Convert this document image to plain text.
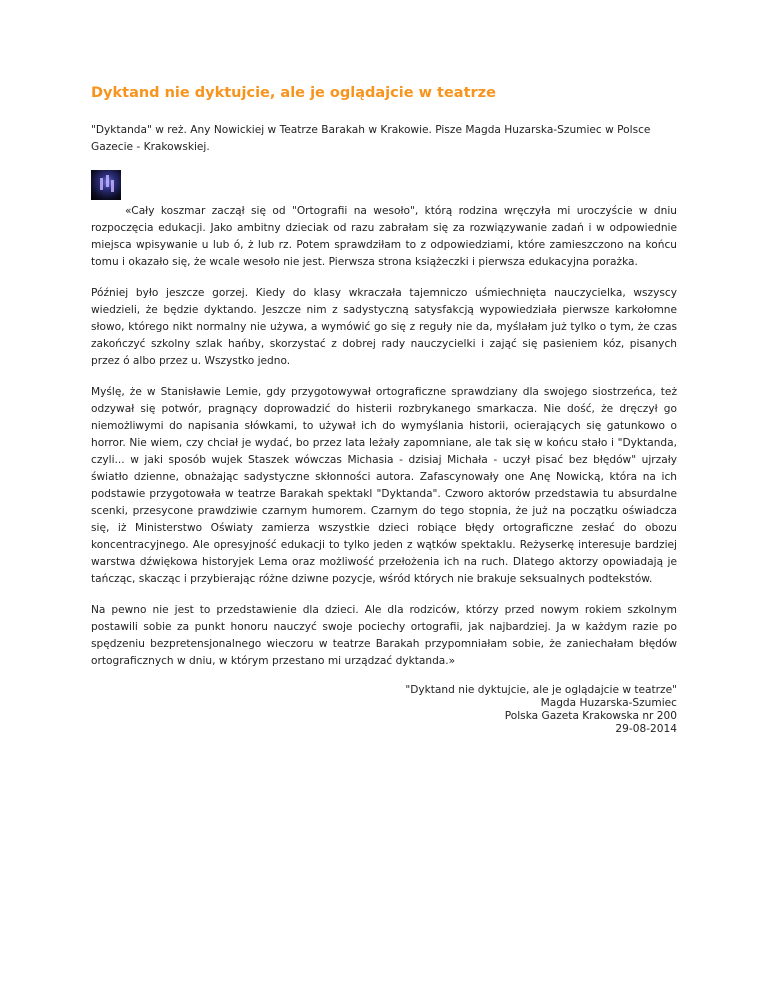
Dyktand nie dyktujcie, ale je oglądajcie w teatrze
"Dyktanda" w reż. Any Nowickiej w Teatrze Barakah w Krakowie. Pisze Magda Huzarska-Szumiec w Polsce Gazecie - Krakowskiej.

«Cały koszmar zaczął się od "Ortografii na wesoło", którą rodzina wręczyła mi uroczyście w dniu rozpoczęcia edukacji. Jako ambitny dzieciak od razu zabrałam się za rozwiązywanie zadań i w odpowiednie miejsca wpisywanie u lub ó, ż lub rz. Potem sprawdziłam to z odpowiedziami, które zamieszczono na końcu tomu i okazało się, że wcale wesoło nie jest. Pierwsza strona książeczki i pierwsza edukacyjna porażka.

Później było jeszcze gorzej. Kiedy do klasy wkraczała tajemniczo uśmiechnięta nauczycielka, wszyscy wiedzieli, że będzie dyktando. Jeszcze nim z sadystyczną satysfakcją wypowiedziała pierwsze karkołomne słowo, którego nikt normalny nie używa, a wymówić go się z reguły nie da, myślałam już tylko o tym, że czas zakończyć szkolny szlak hańby, skorzystać z dobrej rady nauczycielki i zająć się pasieniem kóz, pisanych przez ó albo przez u. Wszystko jedno.

Myślę, że w Stanisławie Lemie, gdy przygotowywał ortograficzne sprawdziany dla swojego siostrzeńca, też odzywał się potwór, pragnący doprowadzić do histerii rozbrykanego smarkacza. Nie dość, że dręczył go niemożliwymi do napisania słówkami, to używał ich do wymyślania historii, ocierających się gatunkowo o horror. Nie wiem, czy chciał je wydać, bo przez lata leżały zapomniane, ale tak się w końcu stało i "Dyktanda, czyli... w jaki sposób wujek Staszek wówczas Michasia - dzisiaj Michała - uczył pisać bez błędów" ujrzały światło dzienne, obnażając sadystyczne skłonności autora. Zafascynowały one Anę Nowicką, która na ich podstawie przygotowała w teatrze Barakah spektakl "Dyktanda". Czworo aktorów przedstawia tu absurdalne scenki, przesycone prawdziwie czarnym humorem. Czarnym do tego stopnia, że już na początku oświadcza się, iż Ministerstwo Oświaty zamierza wszystkie dzieci robiące błędy ortograficzne zesłać do obozu koncentracyjnego. Ale opresyjność edukacji to tylko jeden z wątków spektaklu. Reżyserkę interesuje bardziej warstwa dźwiękowa historyjek Lema oraz możliwość przełożenia ich na ruch. Dlatego aktorzy opowiadają je tańcząc, skacząc i przybierając różne dziwne pozycje, wśród których nie brakuje seksualnych podtekstów.

Na pewno nie jest to przedstawienie dla dzieci. Ale dla rodziców, którzy przed nowym rokiem szkolnym postawili sobie za punkt honoru nauczyć swoje pociechy ortografii, jak najbardziej. Ja w każdym razie po spędzeniu bezpretensjonalnego wieczoru w teatrze Barakah przypomniałam sobie, że zaniechałam błędów ortograficznych w dniu, w którym przestano mi urządzać dyktanda.»

"Dyktand nie dyktujcie, ale je oglądajcie w teatrze"
Magda Huzarska-Szumiec
Polska Gazeta Krakowska nr 200
29-08-2014
